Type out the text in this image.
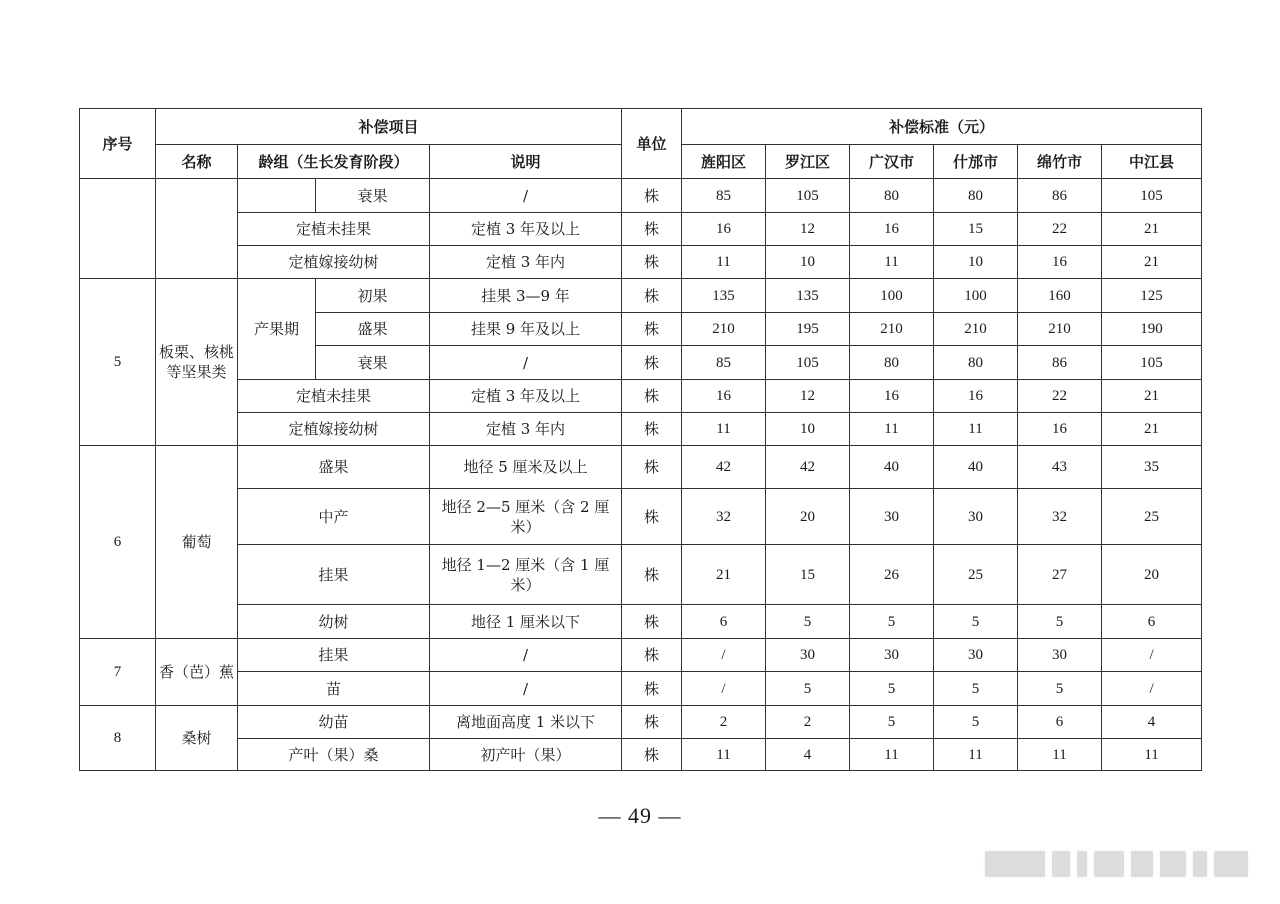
序号	补偿项目				单位	补偿标准（元）					
	名称	龄组（生长发育阶段）		说明		旌阳区	罗江区	广汉市	什邡市	绵竹市	中江县
			衰果	/	株	85	105	80	80	86	105
		定植未挂果		定植 3 年及以上	株	16	12	16	15	22	21
		定植嫁接幼树		定植 3 年内	株	11	10	11	10	16	21
5	板栗、核桃等坚果类	产果期	初果	挂果 3—9 年	株	135	135	100	100	160	125
			盛果	挂果 9 年及以上	株	210	195	210	210	210	190
			衰果	/	株	85	105	80	80	86	105
		定植未挂果		定植 3 年及以上	株	16	12	16	16	22	21
		定植嫁接幼树		定植 3 年内	株	11	10	11	11	16	21
6	葡萄	盛果		地径 5 厘米及以上	株	42	42	40	40	43	35
		中产		地径 2—5 厘米（含 2 厘米）	株	32	20	30	30	32	25
		挂果		地径 1—2 厘米（含 1 厘米）	株	21	15	26	25	27	20
		幼树		地径 1 厘米以下	株	6	5	5	5	5	6
7	香（芭）蕉	挂果		/	株	/	30	30	30	30	/
		苗		/	株	/	5	5	5	5	/
8	桑树	幼苗		离地面高度 1 米以下	株	2	2	5	5	6	4
		产叶（果）桑		初产叶（果）	株	11	4	11	11	11	11
— 49 —
